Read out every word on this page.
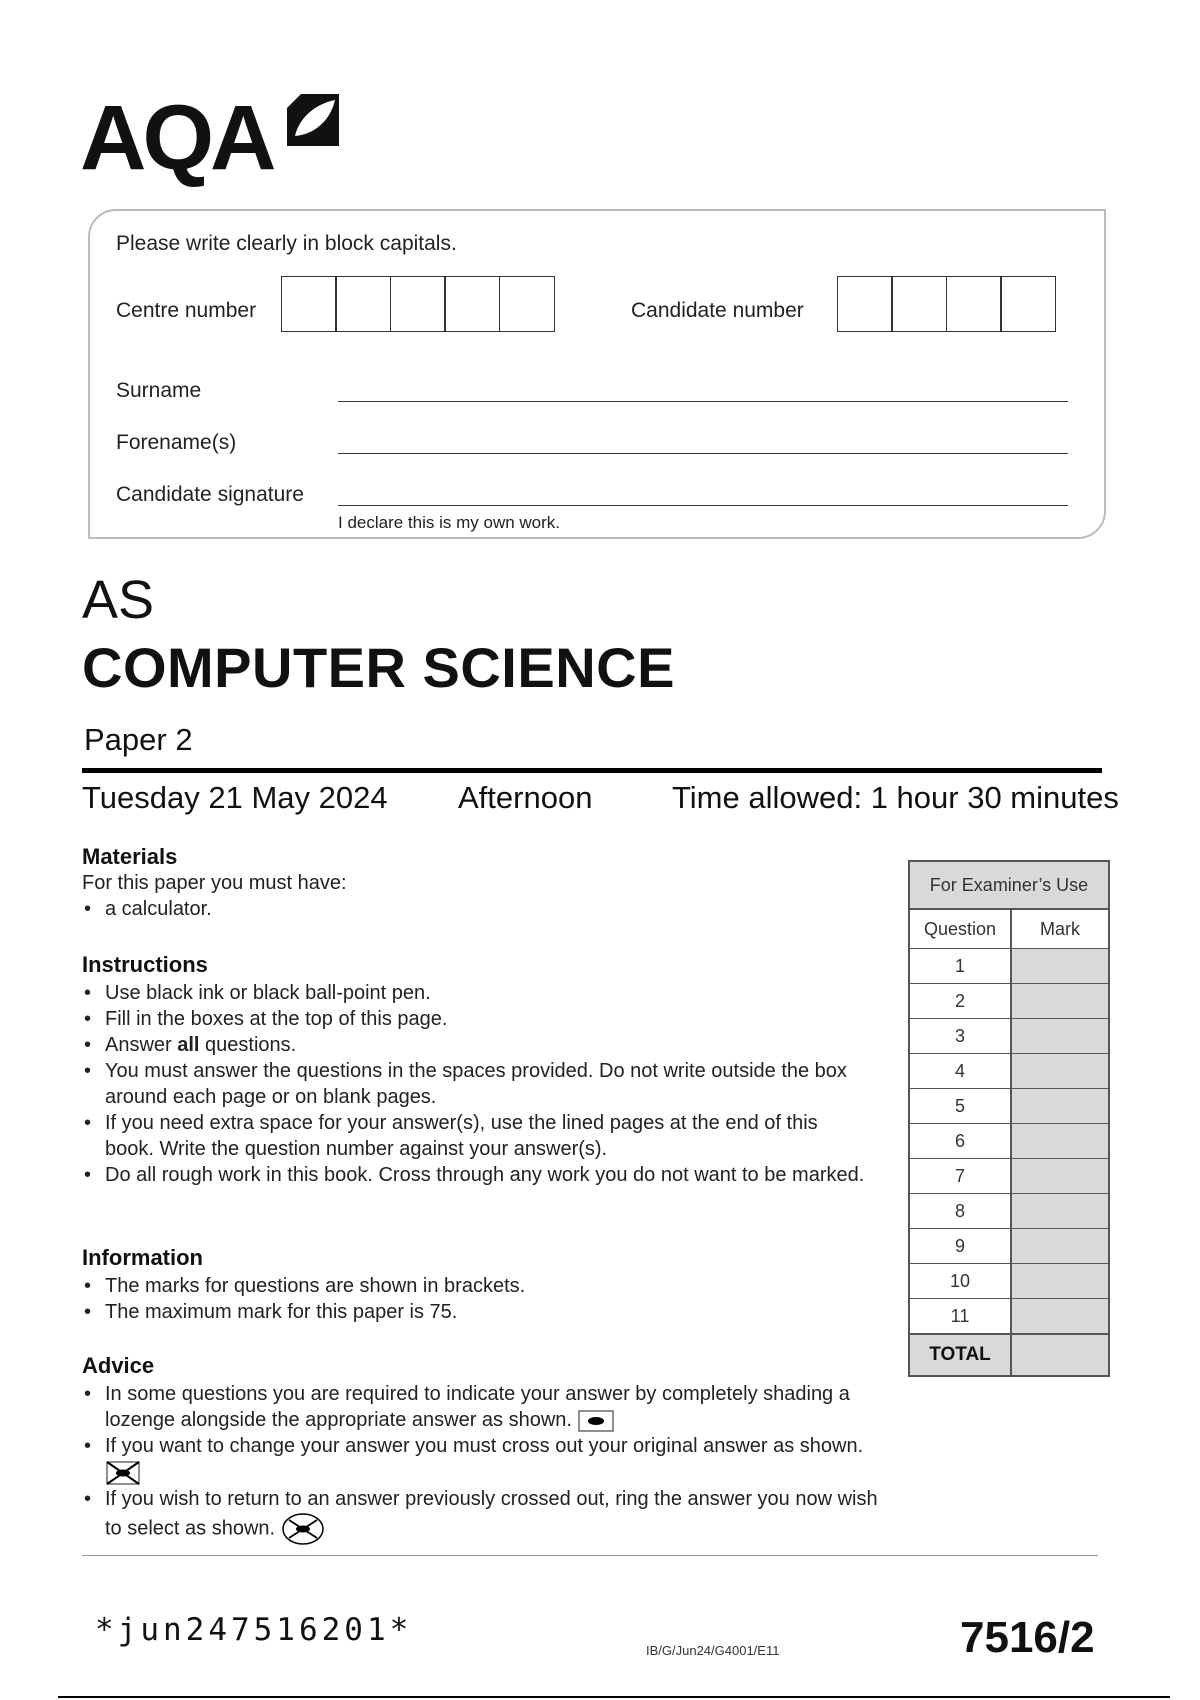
AQA
Please write clearly in block capitals.
Centre number	Candidate number
Surname
Forename(s)
Candidate signature
I declare this is my own work.
AS
COMPUTER SCIENCE
Paper 2
Tuesday 21 May 2024 Afternoon	Time allowed: 1 hour 30 minutes
Materials
For this paper you must have:
• a calculator.
Instructions
• Use black ink or black ball-point pen.
• Fill in the boxes at the top of this page.
• Answer all questions.
• You must answer the questions in the spaces provided. Do not write outside the box around each page or on blank pages.
• If you need extra space for your answer(s), use the lined pages at the end of this book. Write the question number against your answer(s).
• Do all rough work in this book. Cross through any work you do not want to be marked.
Information
• The marks for questions are shown in brackets.
• The maximum mark for this paper is 75.
Advice
• In some questions you are required to indicate your answer by completely shading a lozenge alongside the appropriate answer as shown.
• If you want to change your answer you must cross out your original answer as shown.
• If you wish to return to an answer previously crossed out, ring the answer you now wish to select as shown.
For Examiner’s Use
Question	Mark
1
2
3
4
5
6
7
8
9
10
11
TOTAL
*jun247516201*
IB/G/Jun24/G4001/E11	7516/2
